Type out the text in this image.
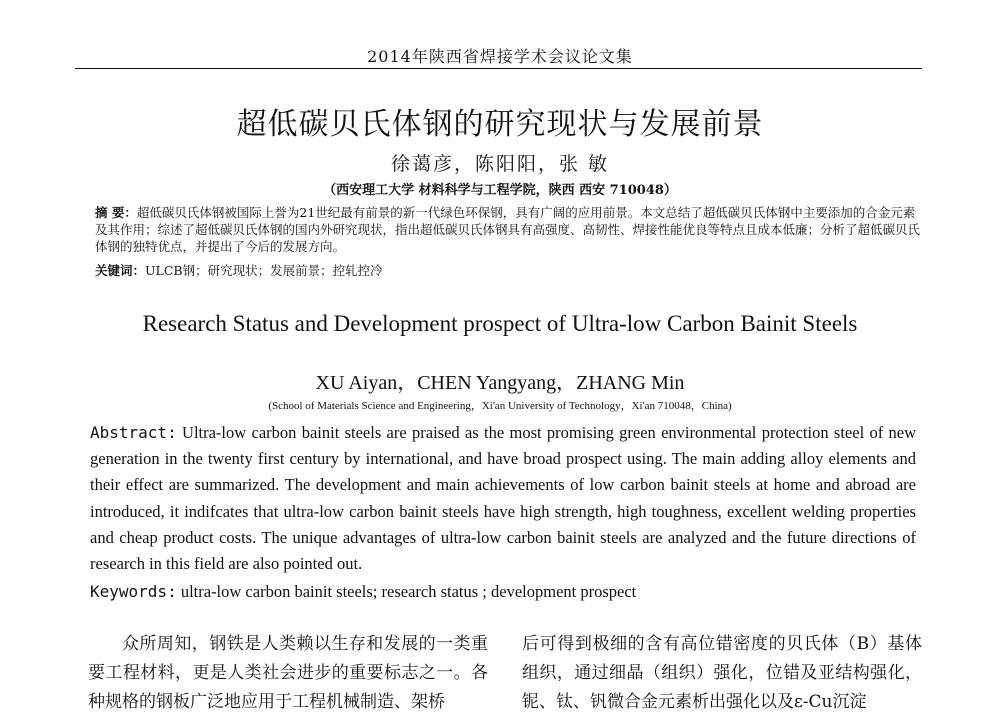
2014年陕西省焊接学术会议论文集
超低碳贝氏体钢的研究现状与发展前景
徐蔼彦，陈阳阳，张 敏
（西安理工大学 材料科学与工程学院，陕西 西安 710048）
摘 要：超低碳贝氏体钢被国际上誉为21世纪最有前景的新一代绿色环保钢，具有广阔的应用前景。本文总结了超低碳贝氏体钢中主要添加的合金元素及其作用；综述了超低碳贝氏体钢的国内外研究现状，指出超低碳贝氏体钢具有高强度、高韧性、焊接性能优良等特点且成本低廉；分析了超低碳贝氏体钢的独特优点，并提出了今后的发展方向。
关键词：ULCB钢；研究现状；发展前景；控轧控冷
Research Status and Development prospect of Ultra-low Carbon Bainit Steels
XU Aiyan，CHEN Yangyang，ZHANG Min
(School of Materials Science and Engineering，Xi'an University of Technology，Xi'an 710048，China)
Abstract: Ultra-low carbon bainit steels are praised as the most promising green environmental protection steel of new generation in the twenty first century by international, and have broad prospect using. The main adding alloy elements and their effect are summarized. The development and main achievements of low carbon bainit steels at home and abroad are introduced, it indifcates that ultra-low carbon bainit steels have high strength, high toughness, excellent welding properties and cheap product costs. The unique advantages of ultra-low carbon bainit steels are analyzed and the future directions of research in this field are also pointed out.
Keywords: ultra-low carbon bainit steels; research status ; development prospect

众所周知，钢铁是人类赖以生存和发展的一类重要工程材料，更是人类社会进步的重要标志之一。各种规格的钢板广泛地应用于工程机械制造、架桥

后可得到极细的含有高位错密度的贝氏体（B）基体组织，通过细晶（组织）强化，位错及亚结构强化，铌、钛、钒微合金元素析出强化以及ε-Cu沉淀
